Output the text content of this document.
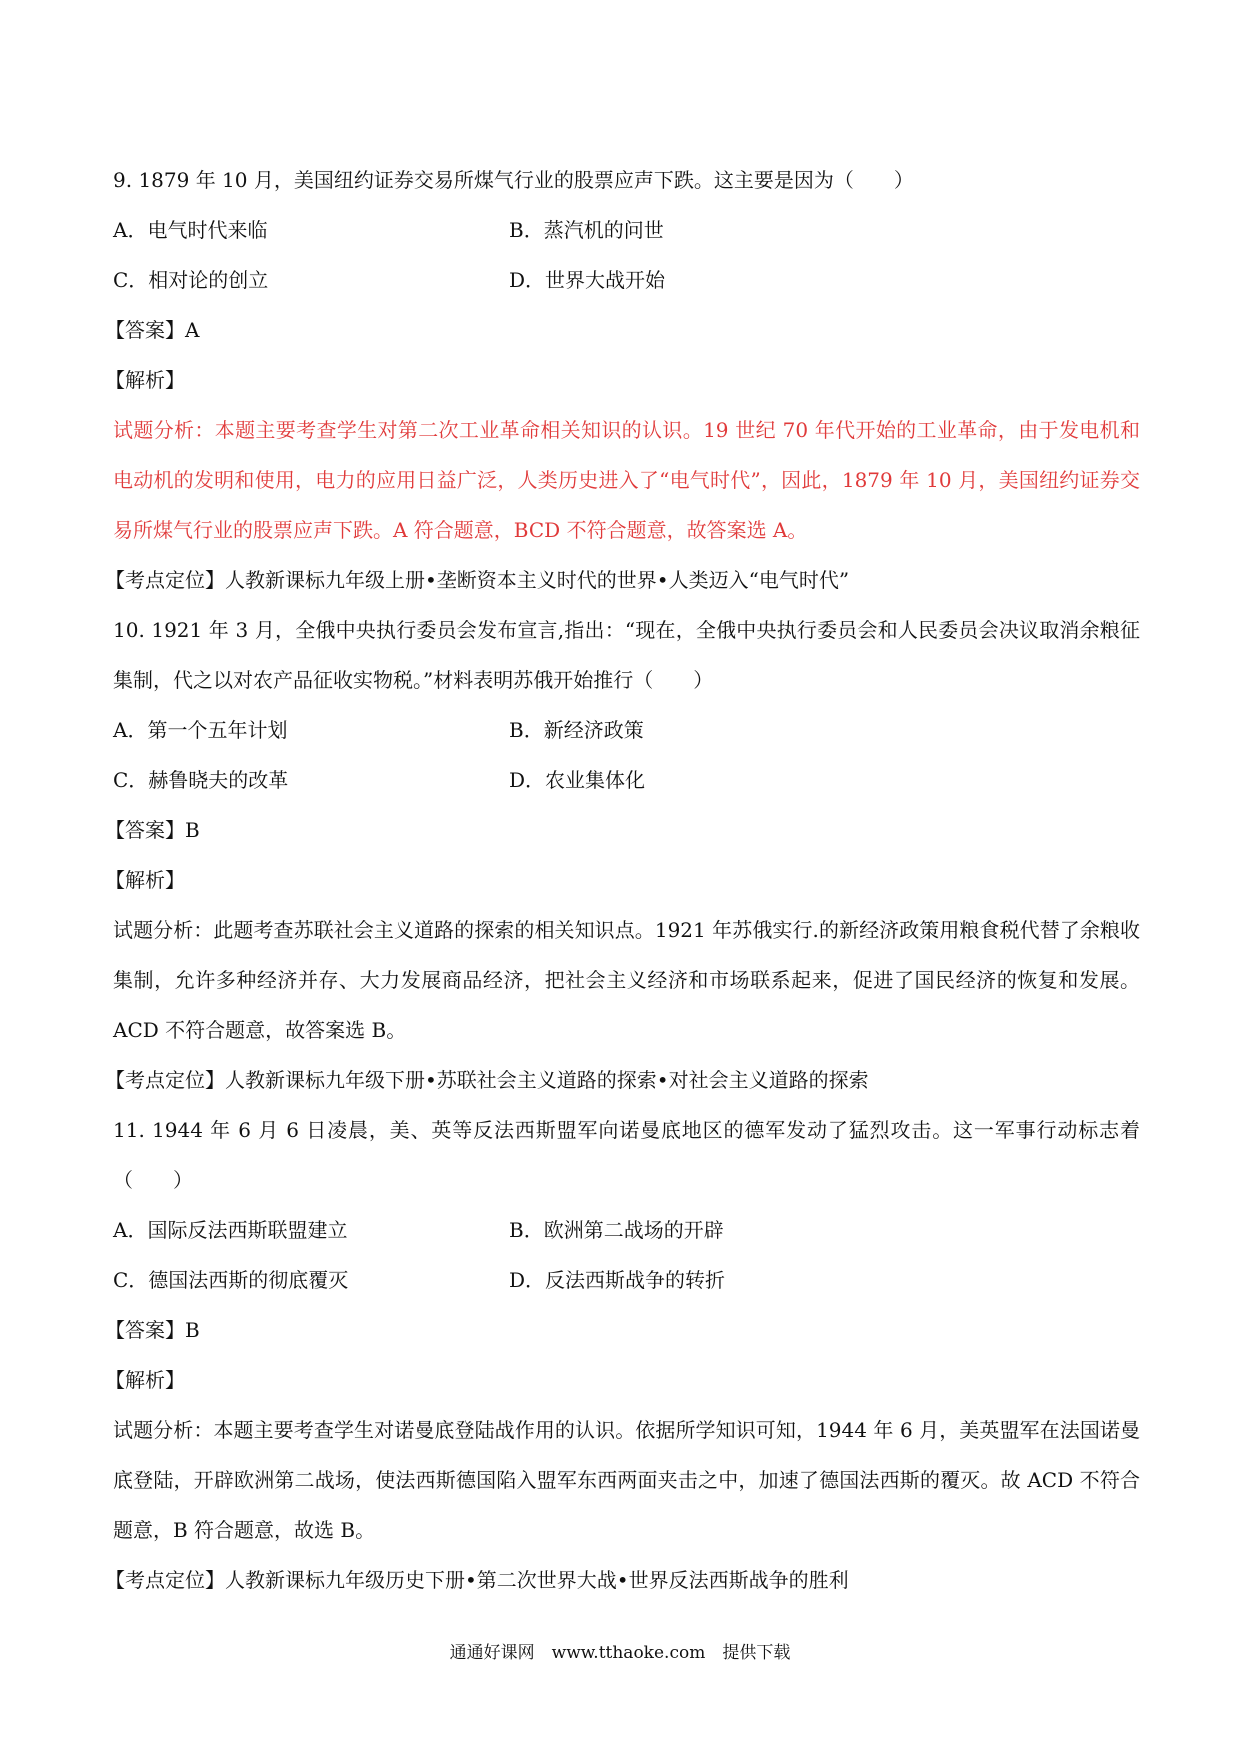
9. 1879 年 10 月，美国纽约证券交易所煤气行业的股票应声下跌。这主要是因为（　　）
A．电气时代来临	B．蒸汽机的问世
C．相对论的创立	D．世界大战开始
【答案】A
【解析】
试题分析：本题主要考查学生对第二次工业革命相关知识的认识。19 世纪 70 年代开始的工业革命，由于发电机和电动机的发明和使用，电力的应用日益广泛，人类历史进入了“电气时代”，因此，1879 年 10 月，美国纽约证券交易所煤气行业的股票应声下跌。A 符合题意，BCD 不符合题意，故答案选 A。
【考点定位】人教新课标九年级上册•垄断资本主义时代的世界•人类迈入“电气时代”
10. 1921 年 3 月，全俄中央执行委员会发布宣言,指出：“现在，全俄中央执行委员会和人民委员会决议取消余粮征集制，代之以对农产品征收实物税。”材料表明苏俄开始推行（　　）
A．第一个五年计划	B．新经济政策
C．赫鲁晓夫的改革	D．农业集体化
【答案】B
【解析】
试题分析：此题考查苏联社会主义道路的探索的相关知识点。1921 年苏俄实行.的新经济政策用粮食税代替了余粮收集制，允许多种经济并存、大力发展商品经济，把社会主义经济和市场联系起来，促进了国民经济的恢复和发展。ACD 不符合题意，故答案选 B。
【考点定位】人教新课标九年级下册•苏联社会主义道路的探索•对社会主义道路的探索
11. 1944 年 6 月 6 日凌晨，美、英等反法西斯盟军向诺曼底地区的德军发动了猛烈攻击。这一军事行动标志着（　　）
A．国际反法西斯联盟建立	B．欧洲第二战场的开辟
C．德国法西斯的彻底覆灭	D．反法西斯战争的转折
【答案】B
【解析】
试题分析：本题主要考查学生对诺曼底登陆战作用的认识。依据所学知识可知，1944 年 6 月，美英盟军在法国诺曼底登陆，开辟欧洲第二战场，使法西斯德国陷入盟军东西两面夹击之中，加速了德国法西斯的覆灭。故 ACD 不符合题意，B 符合题意，故选 B。
【考点定位】人教新课标九年级历史下册•第二次世界大战•世界反法西斯战争的胜利
通通好课网　www.tthaoke.com　提供下载
